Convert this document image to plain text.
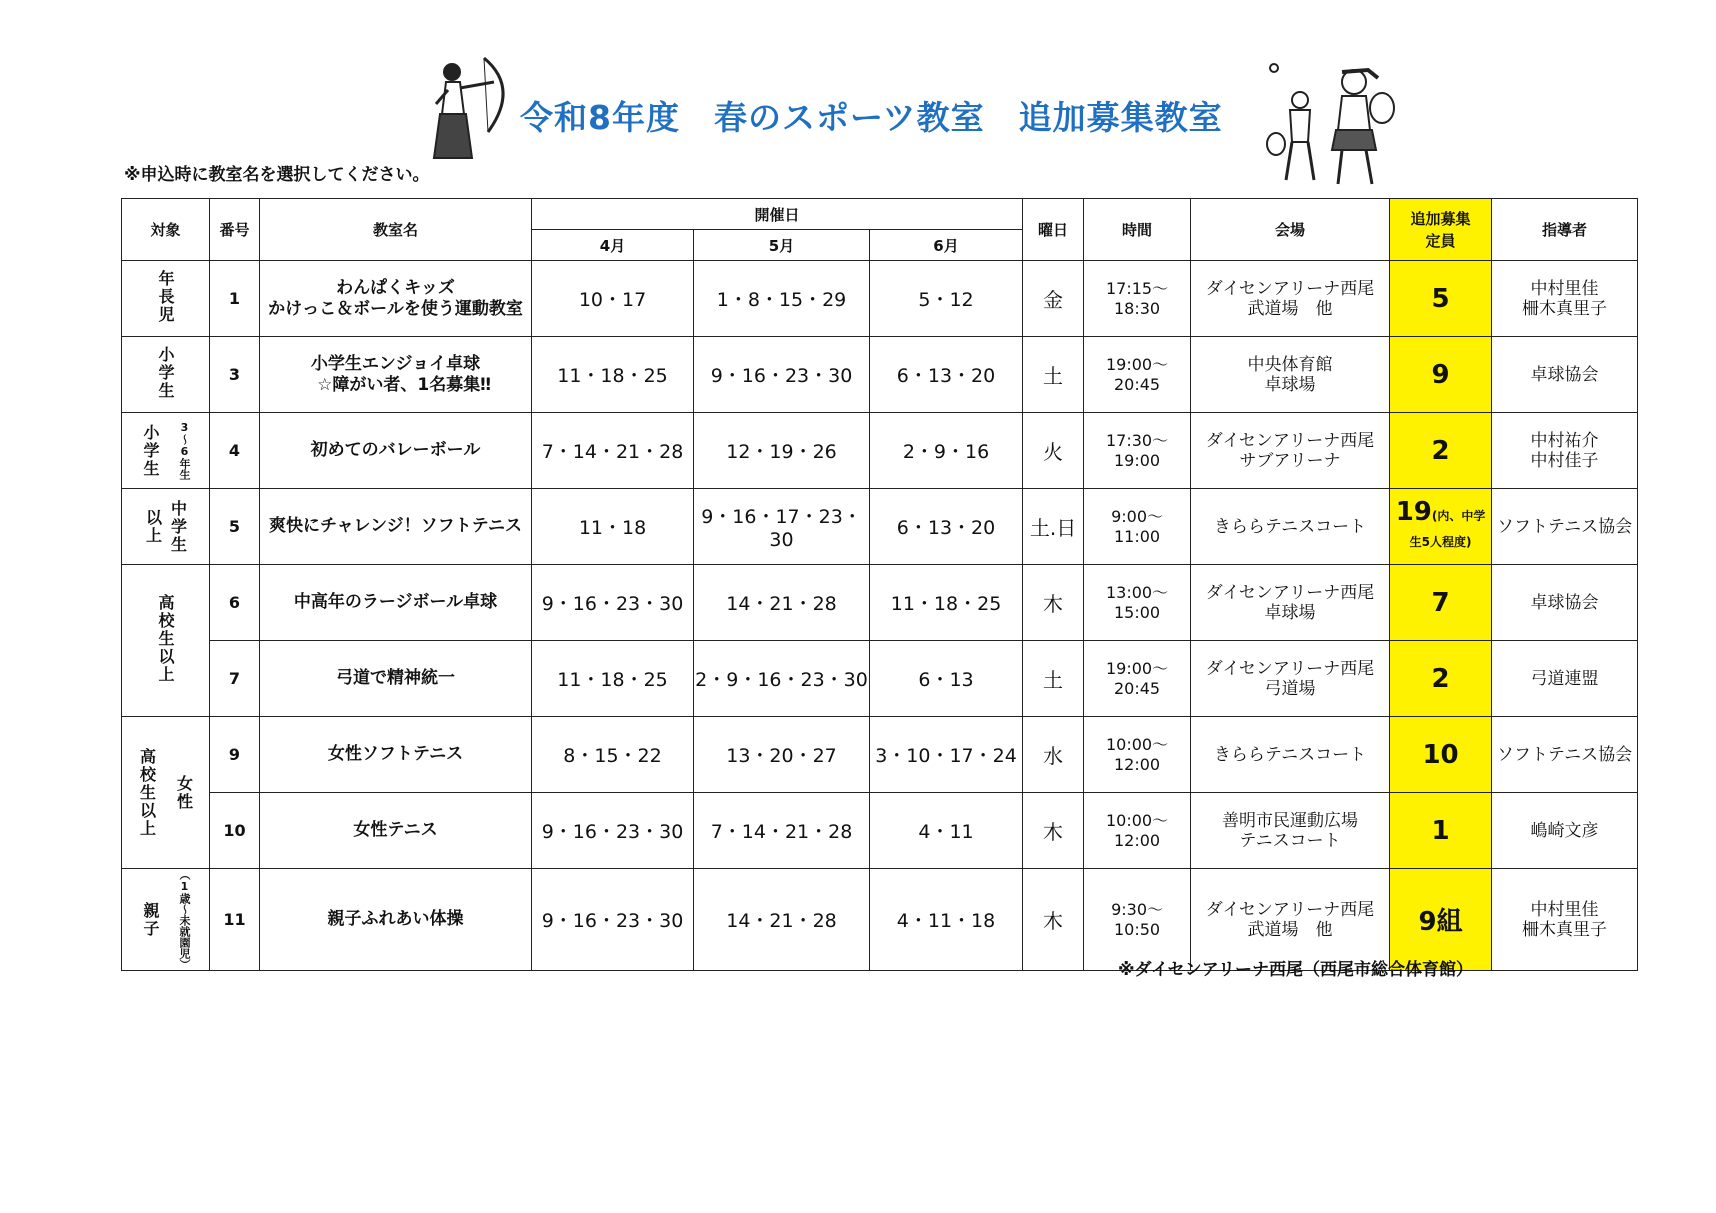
令和8年度　春のスポーツ教室　追加募集教室
※申込時に教室名を選択してください。
対象	番号	教室名	開催日			曜日	時間	会場	追加募集
定員	指導者
			4月	5月	6月					
年長児	1	わんぱくキッズ
かけっこ＆ボールを使う運動教室	10・17	1・8・15・29	5・12	金	17:15〜
18:30	ダイセンアリーナ西尾
武道場　他	5	中村里佳
柵木真里子
小学生	3	小学生エンジョイ卓球
　☆障がい者、1名募集‼	11・18・25	9・16・23・30	6・13・20	土	19:00〜
20:45	中央体育館
卓球場	9	卓球協会

小学生 3〜6年生	4	初めてのバレーボール	7・14・21・28	12・19・26	2・9・16	火	17:30〜
19:00	ダイセンアリーナ西尾
サブアリーナ	2	中村祐介
中村佳子

以上 中学生	5	爽快にチャレンジ！ソフトテニス	11・18	9・16・17・23・30	6・13・20	土.日	9:00〜
11:00	きららテニスコート	19(内、中学生5人程度)	ソフトテニス協会
高校生以上	6	中高年のラージボール卓球	9・16・23・30	14・21・28	11・18・25	木	13:00〜
15:00	ダイセンアリーナ西尾
卓球場	7	卓球協会
	7	弓道で精神統一	11・18・25	2・9・16・23・30	6・13	土	19:00〜
20:45	ダイセンアリーナ西尾
弓道場	2	弓道連盟

高校生以上 女性	9	女性ソフトテニス	8・15・22	13・20・27	3・10・17・24	水	10:00〜
12:00	きららテニスコート	10	ソフトテニス協会
	10	女性テニス	9・16・23・30	7・14・21・28	4・11	木	10:00〜
12:00	善明市民運動広場
テニスコート	1	嶋崎文彦

親子 （1歳〜未就園児）	11	親子ふれあい体操	9・16・23・30	14・21・28	4・11・18	木	9:30〜
10:50	ダイセンアリーナ西尾
武道場　他	9組	中村里佳
柵木真里子
※ダイセンアリーナ西尾（西尾市総合体育館）
